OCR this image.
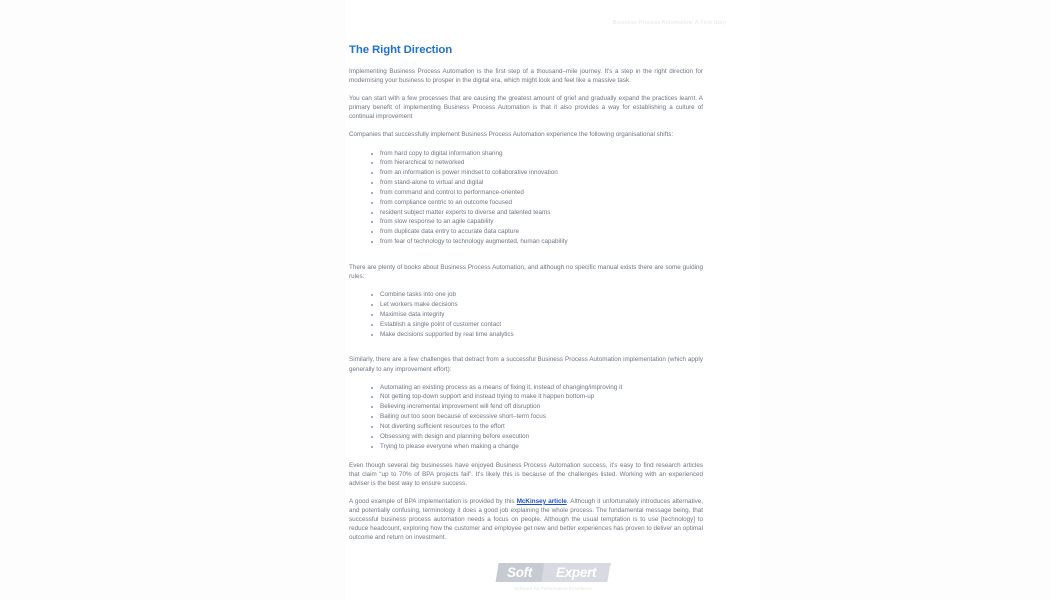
Business Process Automation: A First Step
The Right Direction

Implementing Business Process Automation is the first step of a thousand–mile journey. It's a step in the right direction for modernising your business to prosper in the digital era, which might look and feel like a massive task.

You can start with a few processes that are causing the greatest amount of grief and gradually expand the practices learnt. A primary benefit of implementing Business Process Automation is that it also provides a way for establishing a culture of continual improvement

Companies that successfully implement Business Process Automation experience the following organisational shifts:

from hard copy to digital information sharing
from hierarchical to networked
from an information is power mindset to collaborative innovation
from stand-alone to virtual and digital
from command and control to performance-oriented
from compliance centric to an outcome focused
resident subject matter experts to diverse and talented teams
from slow response to an agile capability
from duplicate data entry to accurate data capture
from fear of technology to technology augmented, human capability

There are plenty of books about Business Process Automation, and although no specific manual exists there are some guiding rules:

Combine tasks into one job
Let workers make decisions
Maximise data integrity
Establish a single point of customer contact
Make decisions supported by real time analytics

Similarly, there are a few challenges that detract from a successful Business Process Automation implementation (which apply generally to any improvement effort):

Automating an existing process as a means of fixing it, instead of changing/improving it
Not getting top-down support and instead trying to make it happen bottom-up
Believing incremental improvement will fend off disruption
Bailing out too soon because of excessive short–term focus
Not diverting sufficient resources to the effort
Obsessing with design and planning before execution
Trying to please everyone when making a change

Even though several big businesses have enjoyed Business Process Automation success, it's easy to find research articles that claim “up to 70% of BPA projects fail”. It's likely this is because of the challenges listed. Working with an experienced adviser is the best way to ensure success.

A good example of BPA implementation is provided by this McKinsey article. Although it unfortunately introduces alternative, and potentially confusing, terminology it does a good job explaining the whole process. The fundamental message being, that successful business process automation needs a focus on people. Although the usual temptation is to use [technology] to reduce headcount, exploring how the customer and employee get new and better experiences has proven to deliver an optimal outcome and return on investment.

Soft Expert
®
Software for Performance Excellence
